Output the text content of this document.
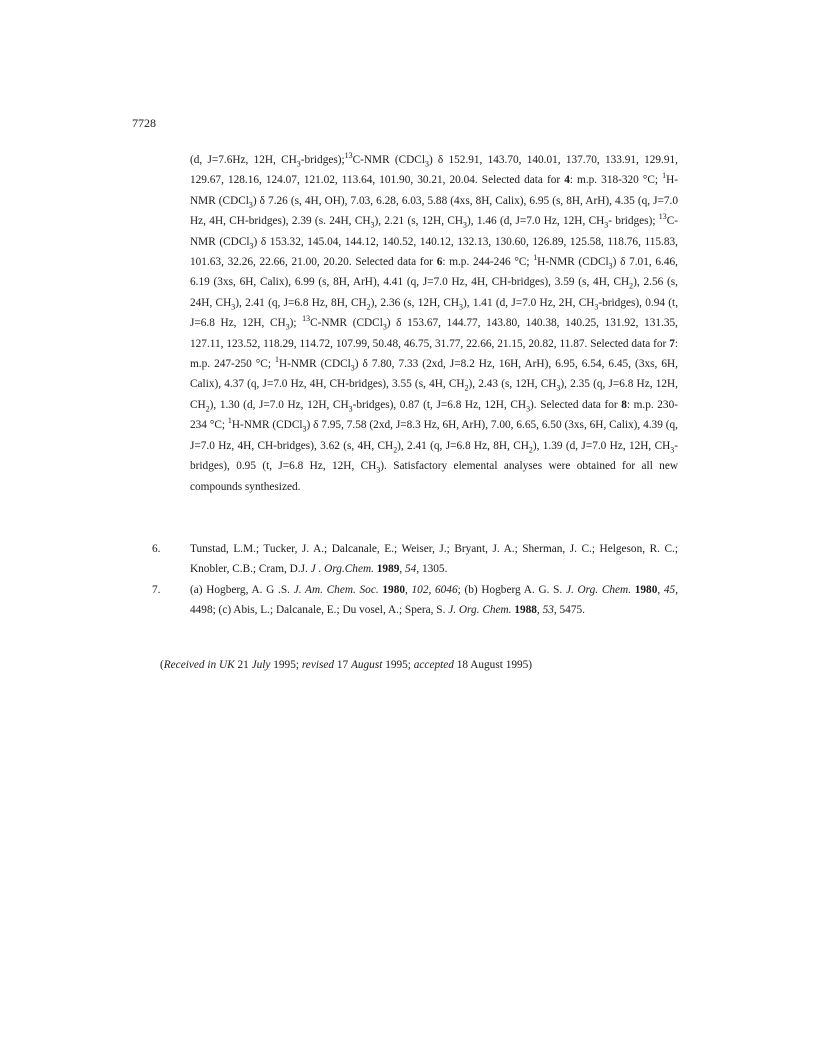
7728

(d, J=7.6Hz, 12H, $CH_3-bridges);^{13}C$-NMR (CDCl$_3$) δ 152.91, 143.70, 140.01, 137.70, 133.91, 129.91, 129.67, 128.16, 124.07, 121.02, 113.64, 101.90, 30.21, 20.04. Selected data for 4: m.p. 318-320 °C; $^1$H-NMR (CDCl$_3$) δ 7.26 (s, 4H, OH), 7.03, 6.28, 6.03, 5.88 (4xs, 8H, Calix), 6.95 (s, 8H, ArH), 4.35 (q, J=7.0 Hz, 4H, CH-bridges), 2.39 (s. 24H, $CH_3$), 2.21 (s, 12H, $CH_3$), 1.46 (d, J=7.0 Hz, 12H, $CH_3-$ bridges); $^{13}$C-NMR (CDCl$_3$) δ 153.32, 145.04, 144.12, 140.52, 140.12, 132.13, 130.60, 126.89, 125.58, 118.76, 115.83, 101.63, 32.26, 22.66, 21.00, 20.20. Selected data for 6: m.p. 244-246 °C; $^1$H-NMR (CDCl$_3$) δ 7.01, 6.46, 6.19 (3xs, 6H, Calix), 6.99 (s, 8H, ArH), 4.41 (q, J=7.0 Hz, 4H, CH-bridges), 3.59 (s, 4H, $CH_2$), 2.56 (s, 24H, $CH_3$), 2.41 (q, J=6.8 Hz, 8H, $CH_2$), 2.36 (s, 12H, $CH_3$), 1.41 (d, J=7.0 Hz, 2H, $CH_3-bridges$), 0.94 (t, J=6.8 Hz, 12H, $CH_3$); $^{13}$C-NMR (CDCl$_3$) δ 153.67, 144.77, 143.80, 140.38, 140.25, 131.92, 131.35, 127.11, 123.52, 118.29, 114.72, 107.99, 50.48, 46.75, 31.77, 22.66, 21.15, 20.82, 11.87. Selected data for 7: m.p. 247-250 °C; $^1$H-NMR (CDCl$_3$) δ 7.80, 7.33 (2xd, J=8.2 Hz, 16H, ArH), 6.95, 6.54, 6.45, (3xs, 6H, Calix), 4.37 (q, J=7.0 Hz, 4H, CH-bridges), 3.55 (s, 4H, $CH_2$), 2.43 (s, 12H, $CH_3$), 2.35 (q, J=6.8 Hz, 12H, $CH_2$), 1.30 (d, J=7.0 Hz, 12H, $CH_3-bridges$), 0.87 (t, J=6.8 Hz, 12H, $CH_3$). Selected data for 8: m.p. 230-234 °C; $^1$H-NMR (CDCl$_3$) δ 7.95, 7.58 (2xd, J=8.3 Hz, 6H, ArH), 7.00, 6.65, 6.50 (3xs, 6H, Calix), 4.39 (q, J=7.0 Hz, 4H, CH-bridges), 3.62 (s, 4H, $CH_2$), 2.41 (q, J=6.8 Hz, 8H, $CH_2$), 1.39 (d, J=7.0 Hz, 12H, $CH_3-bridges$), 0.95 (t, J=6.8 Hz, 12H, $CH_3$). Satisfactory elemental analyses were obtained for all new compounds synthesized.

6.	Tunstad, L.M.; Tucker, J. A.; Dalcanale, E.; Weiser, J.; Bryant, J. A.; Sherman, J. C.; Helgeson, R. C.; Knobler, C.B.; Cram, D.J. J . Org.Chem. 1989, 54, 1305.
7.	(a) Hogberg, A. G .S. J. Am. Chem. Soc. 1980, 102, 6046; (b) Hogberg A. G. S. J. Org. Chem. 1980, 45, 4498; (c) Abis, L.; Dalcanale, E.; Du vosel, A.; Spera, S. J. Org. Chem. 1988, 53, 5475.
(Received in UK 21 July 1995; revised 17 August 1995; accepted 18 August 1995)
